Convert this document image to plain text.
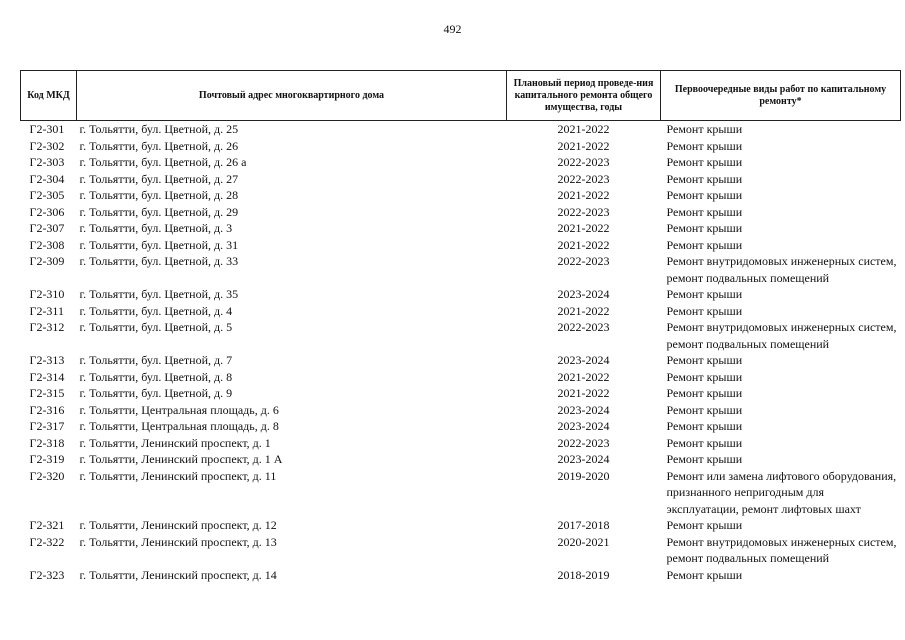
492
Код МКД	Почтовый адрес многоквартирного дома	Плановый период проведе-ния капитального ремонта общего имущества, годы	Первоочередные виды работ по капитальному ремонту*
Г2-301	г. Тольятти, бул. Цветной, д. 25	2021-2022	Ремонт крыши
Г2-302	г. Тольятти, бул. Цветной, д. 26	2021-2022	Ремонт крыши
Г2-303	г. Тольятти, бул. Цветной, д. 26 а	2022-2023	Ремонт крыши
Г2-304	г. Тольятти, бул. Цветной, д. 27	2022-2023	Ремонт крыши
Г2-305	г. Тольятти, бул. Цветной, д. 28	2021-2022	Ремонт крыши
Г2-306	г. Тольятти, бул. Цветной, д. 29	2022-2023	Ремонт крыши
Г2-307	г. Тольятти, бул. Цветной, д. 3	2021-2022	Ремонт крыши
Г2-308	г. Тольятти, бул. Цветной, д. 31	2021-2022	Ремонт крыши
Г2-309	г. Тольятти, бул. Цветной, д. 33	2022-2023	Ремонт внутридомовых инженерных систем, ремонт подвальных помещений
Г2-310	г. Тольятти, бул. Цветной, д. 35	2023-2024	Ремонт крыши
Г2-311	г. Тольятти, бул. Цветной, д. 4	2021-2022	Ремонт крыши
Г2-312	г. Тольятти, бул. Цветной, д. 5	2022-2023	Ремонт внутридомовых инженерных систем, ремонт подвальных помещений
Г2-313	г. Тольятти, бул. Цветной, д. 7	2023-2024	Ремонт крыши
Г2-314	г. Тольятти, бул. Цветной, д. 8	2021-2022	Ремонт крыши
Г2-315	г. Тольятти, бул. Цветной, д. 9	2021-2022	Ремонт крыши
Г2-316	г. Тольятти, Центральная площадь, д. 6	2023-2024	Ремонт крыши
Г2-317	г. Тольятти, Центральная площадь, д. 8	2023-2024	Ремонт крыши
Г2-318	г. Тольятти, Ленинский проспект, д. 1	2022-2023	Ремонт крыши
Г2-319	г. Тольятти, Ленинский проспект, д. 1 А	2023-2024	Ремонт крыши
Г2-320	г. Тольятти, Ленинский проспект, д. 11	2019-2020	Ремонт или замена лифтового оборудования, признанного непригодным для эксплуатации, ремонт лифтовых шахт
Г2-321	г. Тольятти, Ленинский проспект, д. 12	2017-2018	Ремонт крыши
Г2-322	г. Тольятти, Ленинский проспект, д. 13	2020-2021	Ремонт внутридомовых инженерных систем, ремонт подвальных помещений
Г2-323	г. Тольятти, Ленинский проспект, д. 14	2018-2019	Ремонт крыши
